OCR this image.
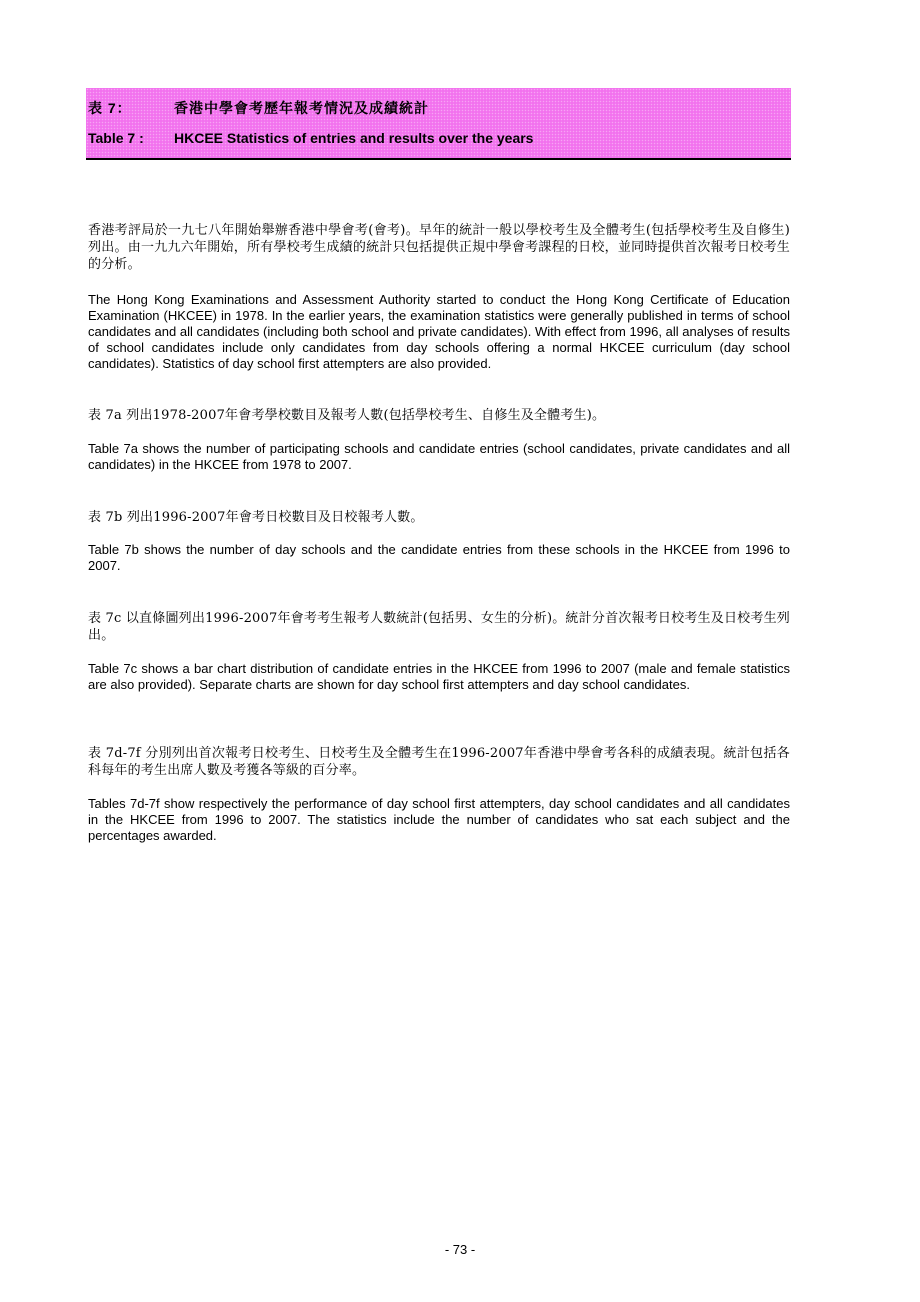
表 7：	香港中學會考歷年報考情況及成績統計
Table 7 : HKCEE Statistics of entries and results over the years

香港考評局於一九七八年開始舉辦香港中學會考(會考)。早年的統計一般以學校考生及全體考生(包括學校考生及自修生) 列出。由一九九六年開始，所有學校考生成績的統計只包括提供正規中學會考課程的日校，並同時提供首次報考日校考生的分析。

The Hong Kong Examinations and Assessment Authority started to conduct the Hong Kong Certificate of Education Examination (HKCEE) in 1978. In the earlier years, the examination statistics were generally published in terms of school candidates and all candidates (including both school and private candidates). With effect from 1996, all analyses of results of school candidates include only candidates from day schools offering a normal HKCEE curriculum (day school candidates). Statistics of day school first attempters are also provided.

表 7a 列出1978-2007年會考學校數目及報考人數(包括學校考生、自修生及全體考生)。

Table 7a shows the number of participating schools and candidate entries (school candidates, private candidates and all candidates) in the HKCEE from 1978 to 2007.

表 7b 列出1996-2007年會考日校數目及日校報考人數。

Table 7b shows the number of day schools and the candidate entries from these schools in the HKCEE from 1996 to 2007.

表 7c 以直條圖列出1996-2007年會考考生報考人數統計(包括男、女生的分析)。統計分首次報考日校考生及日校考生列出。

Table 7c shows a bar chart distribution of candidate entries in the HKCEE from 1996 to 2007 (male and female statistics are also provided). Separate charts are shown for day school first attempters and day school candidates.

表 7d-7f 分別列出首次報考日校考生、日校考生及全體考生在1996-2007年香港中學會考各科的成績表現。統計包括各科每年的考生出席人數及考獲各等級的百分率。

Tables 7d-7f show respectively the performance of day school first attempters, day school candidates and all candidates in the HKCEE from 1996 to 2007. The statistics include the number of candidates who sat each subject and the percentages awarded.

- 73 -
